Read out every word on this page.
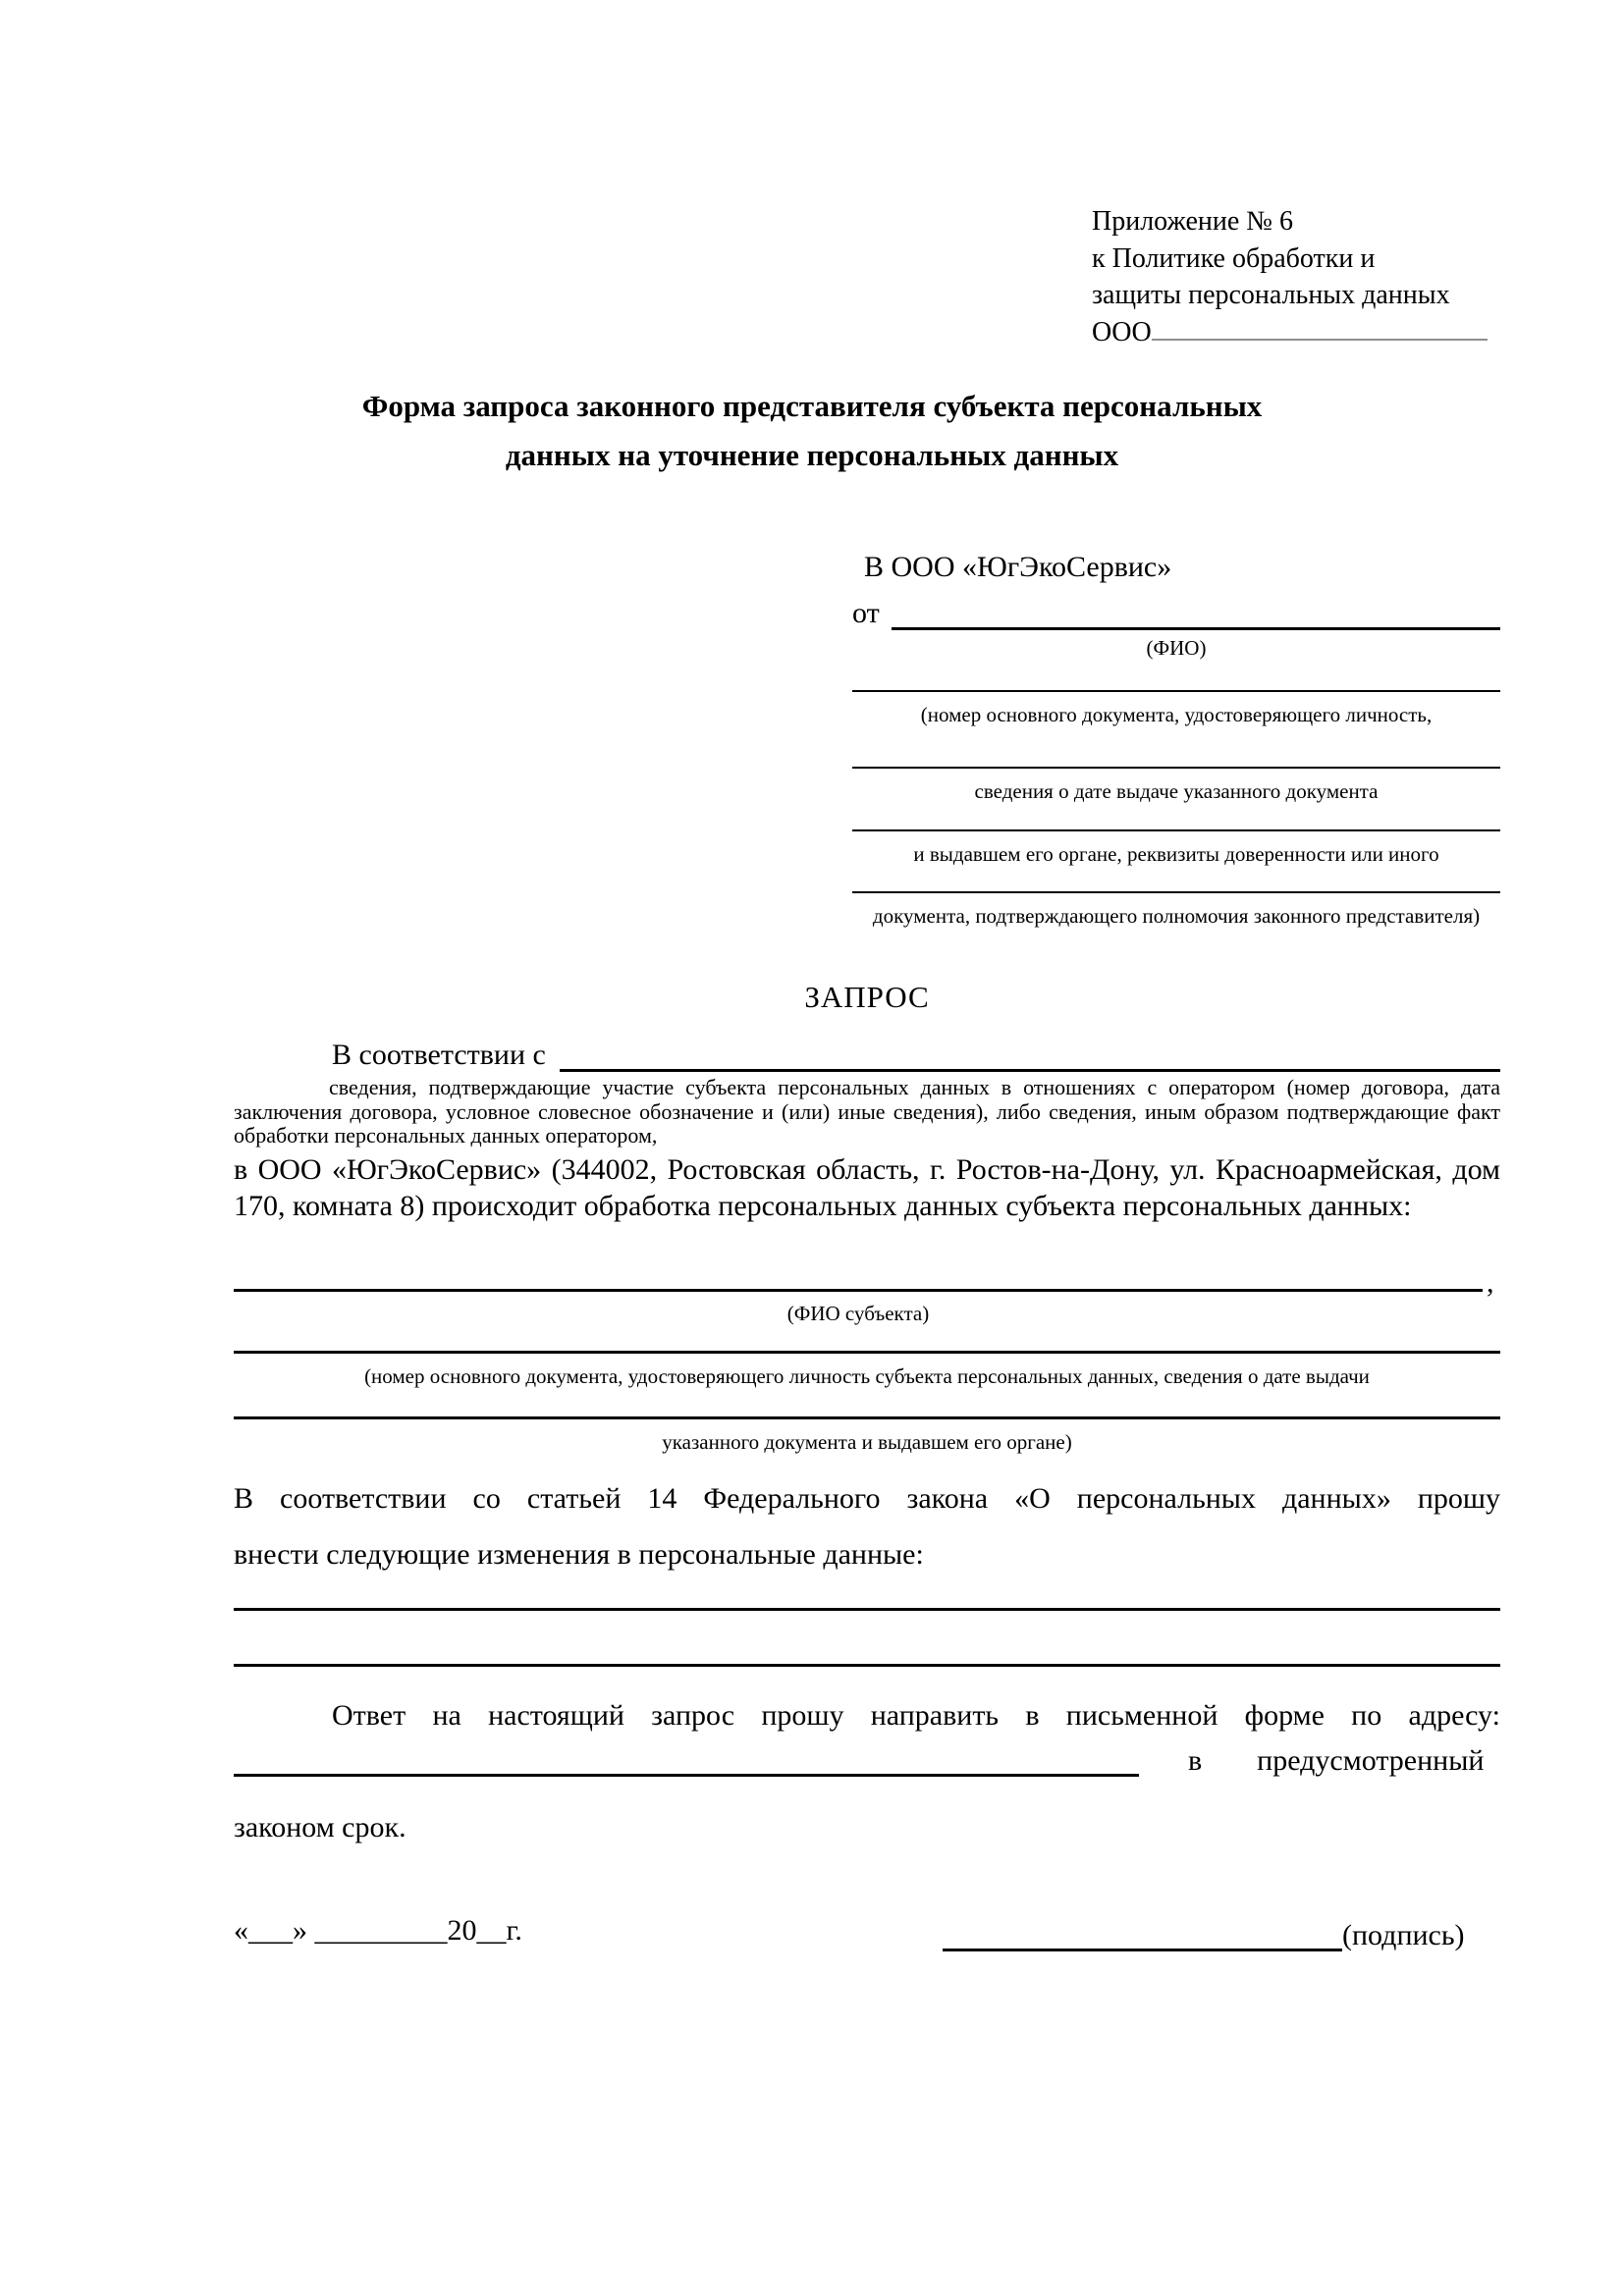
Приложение № 6
к Политике обработки и
защиты персональных данных
ООО
Форма запроса законного представителя субъекта персональных
данных на уточнение персональных данных
В ООО «ЮгЭкоСервис»
от
(ФИО)
(номер основного документа, удостоверяющего личность,
сведения о дате выдаче указанного документа
и выдавшем его органе, реквизиты доверенности или иного
документа, подтверждающего полномочия законного представителя)
ЗАПРОС
В соответствии с
сведения, подтверждающие участие субъекта персональных данных в отношениях с оператором (номер договора, дата заключения договора, условное словесное обозначение и (или) иные сведения), либо сведения, иным образом подтверждающие факт обработки персональных данных оператором,
в ООО «ЮгЭкоСервис» (344002, Ростовская область, г. Ростов-на-Дону, ул. Красноармейская, дом 170, комната 8) происходит обработка персональных данных субъекта персональных данных:
,
(ФИО субъекта)
(номер основного документа, удостоверяющего личность субъекта персональных данных, сведения о дате выдачи
указанного документа и выдавшем его органе)
В соответствии со статьей 14 Федерального закона «О персональных данных» прошу
внести следующие изменения в персональные данные:
Ответ на настоящий запрос прошу направить в письменной форме по адресу:
в предусмотренный
законом срок.
«___» _________20__г.	(подпись)
